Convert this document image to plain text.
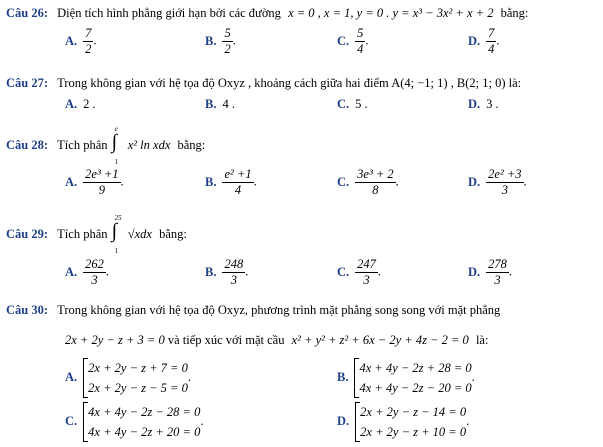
Câu 26: Diện tích hình phẳng giới hạn bởi các đường x = 0 , x = 1, y = 0 . y = x³ − 3x² + x + 2 bằng:
A. $\frac{7}{2}$ .	B. $\frac{5}{2}$ .	C. $\frac{5}{4}$ .	D. $\frac{7}{4}$ .
Câu 27: Trong không gian với hệ tọa độ Oxyz , khoảng cách giữa hai điểm A(4; −1; 1) , B(2; 1; 0) là:
A. 2 .	B. 4 .	C. 5 .	D. 3 .
Câu 28: Tích phân ∫
e
1
x² ln xdx bằng:
A. $\frac{\text{2e³ +1}}{9}$ .	B. $\frac{\text{e² +1}}{4}$ .	C. $\frac{\text{3e³ + 2}}{8}$ .	D. $\frac{\text{2e² +3}}{3}$ .
Câu 29: Tích phân ∫
25
1
√xdx bằng:
A. $\frac{262}{3}$ .	B. $\frac{248}{3}$ .	C. $\frac{247}{3}$ .	D. $\frac{278}{3}$ .
Câu 30: Trong không gian với hệ tọa độ Oxyz, phương trình mặt phẳng song song với mặt phẳng
2x + 2y − z + 3 = 0 và tiếp xúc với mặt cầu x² + y² + z² + 6x − 2y + 4z − 2 = 0 là:
A.2x + 2y − z + 7 = 0
2x + 2y − z − 5 = 0.	B.4x + 4y − 2z + 28 = 0
4x + 4y − 2z − 20 = 0.
C.4x + 4y − 2z − 28 = 0
4x + 4y − 2z + 20 = 0.	D.2x + 2y − z − 14 = 0
2x + 2y − z + 10 = 0.
